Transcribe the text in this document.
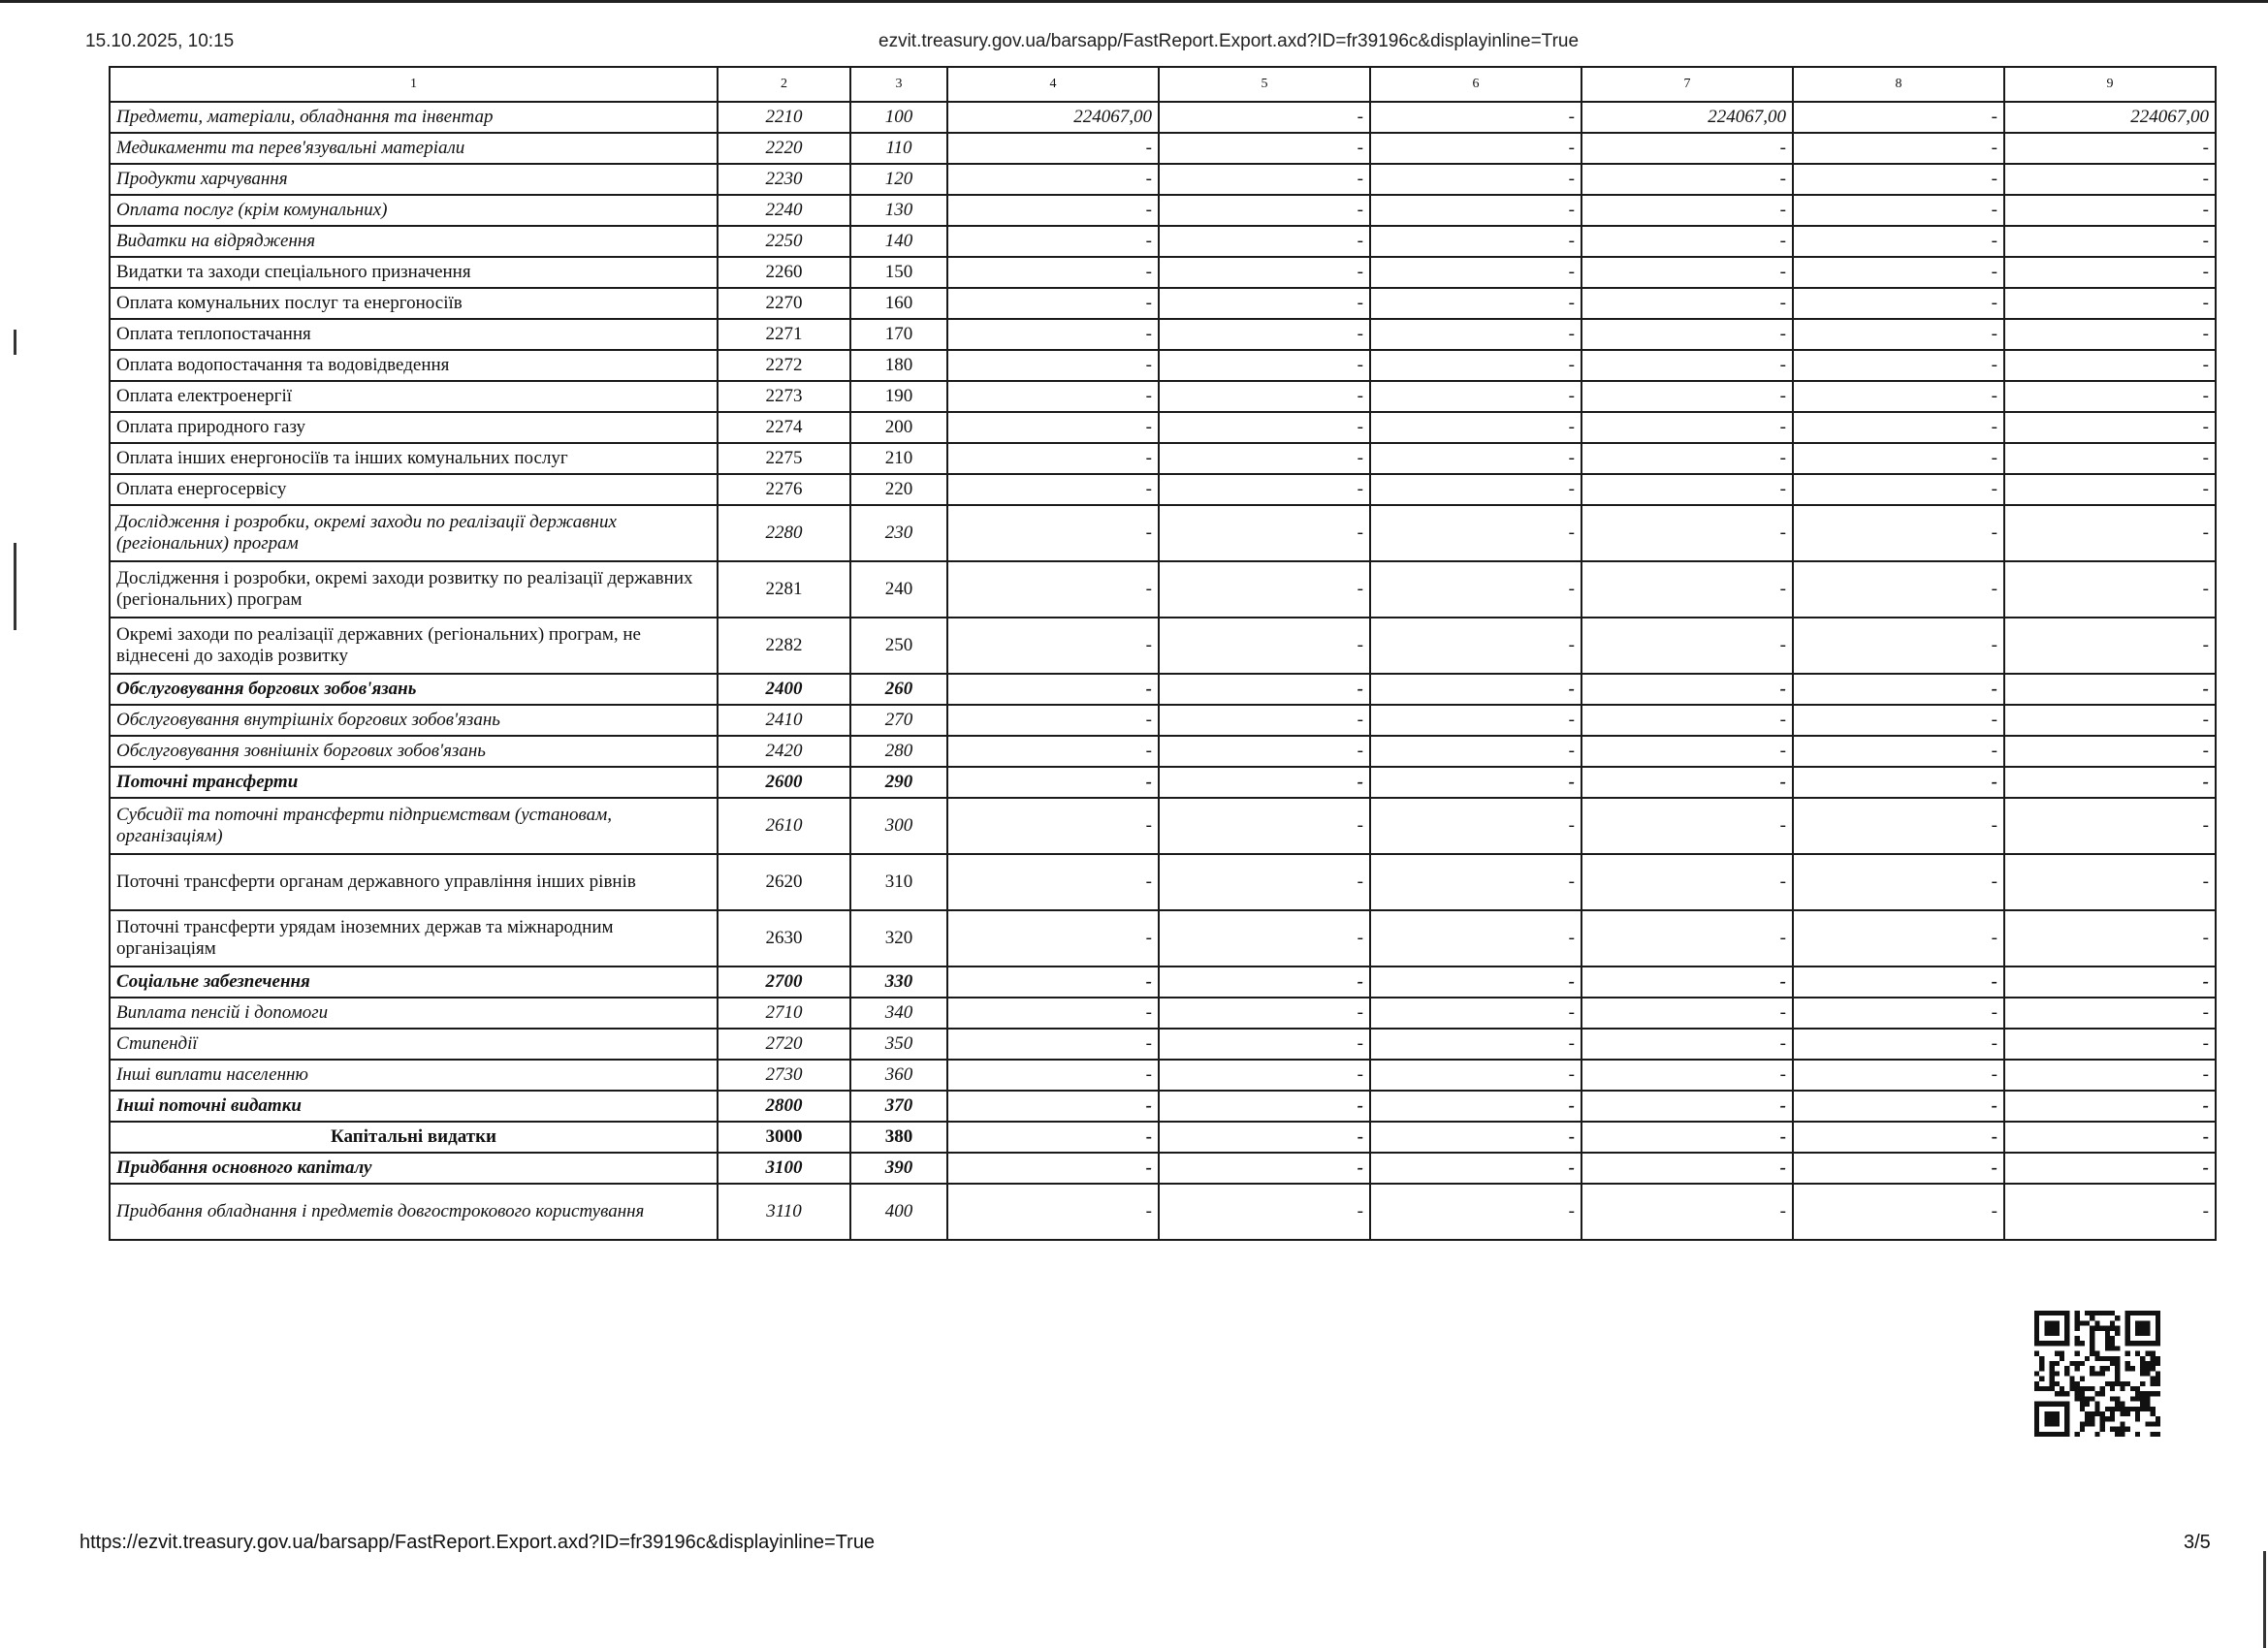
15.10.2025, 10:15	ezvit.treasury.gov.ua/barsapp/FastReport.Export.axd?ID=fr39196c&displayinline=True
1	2	3	4	5	6	7	8	9
Предмети, матеріали, обладнання та інвентар	2210	100	224067,00	-	-	224067,00	-	224067,00
Медикаменти та перев'язувальні матеріали	2220	110	-	-	-	-	-	-
Продукти харчування	2230	120	-	-	-	-	-	-
Оплата послуг (крім комунальних)	2240	130	-	-	-	-	-	-
Видатки на відрядження	2250	140	-	-	-	-	-	-
Видатки та заходи спеціального призначення	2260	150	-	-	-	-	-	-
Оплата комунальних послуг та енергоносіїв	2270	160	-	-	-	-	-	-
Оплата теплопостачання	2271	170	-	-	-	-	-	-
Оплата водопостачання та водовідведення	2272	180	-	-	-	-	-	-
Оплата електроенергії	2273	190	-	-	-	-	-	-
Оплата природного газу	2274	200	-	-	-	-	-	-
Оплата інших енергоносіїв та інших комунальних послуг	2275	210	-	-	-	-	-	-
Оплата енергосервісу	2276	220	-	-	-	-	-	-
Дослідження і розробки, окремі заходи по реалізації державних (регіональних) програм	2280	230	-	-	-	-	-	-
Дослідження і розробки, окремі заходи розвитку по реалізації державних (регіональних) програм	2281	240	-	-	-	-	-	-
Окремі заходи по реалізації державних (регіональних) програм, не віднесені до заходів розвитку	2282	250	-	-	-	-	-	-
Обслуговування боргових зобов'язань	2400	260	-	-	-	-	-	-
Обслуговування внутрішніх боргових зобов'язань	2410	270	-	-	-	-	-	-
Обслуговування зовнішніх боргових зобов'язань	2420	280	-	-	-	-	-	-
Поточні трансферти	2600	290	-	-	-	-	-	-
Субсидії та поточні трансферти підприємствам (установам, організаціям)	2610	300	-	-	-	-	-	-
Поточні трансферти органам державного управління інших рівнів	2620	310	-	-	-	-	-	-
Поточні трансферти урядам іноземних держав та міжнародним організаціям	2630	320	-	-	-	-	-	-
Соціальне забезпечення	2700	330	-	-	-	-	-	-
Виплата пенсій і допомоги	2710	340	-	-	-	-	-	-
Стипендії	2720	350	-	-	-	-	-	-
Інші виплати населенню	2730	360	-	-	-	-	-	-
Інші поточні видатки	2800	370	-	-	-	-	-	-
Капітальні видатки	3000	380	-	-	-	-	-	-
Придбання основного капіталу	3100	390	-	-	-	-	-	-
Придбання обладнання і предметів довгострокового користування	3110	400	-	-	-	-	-	-
https://ezvit.treasury.gov.ua/barsapp/FastReport.Export.axd?ID=fr39196c&displayinline=True	3/5
